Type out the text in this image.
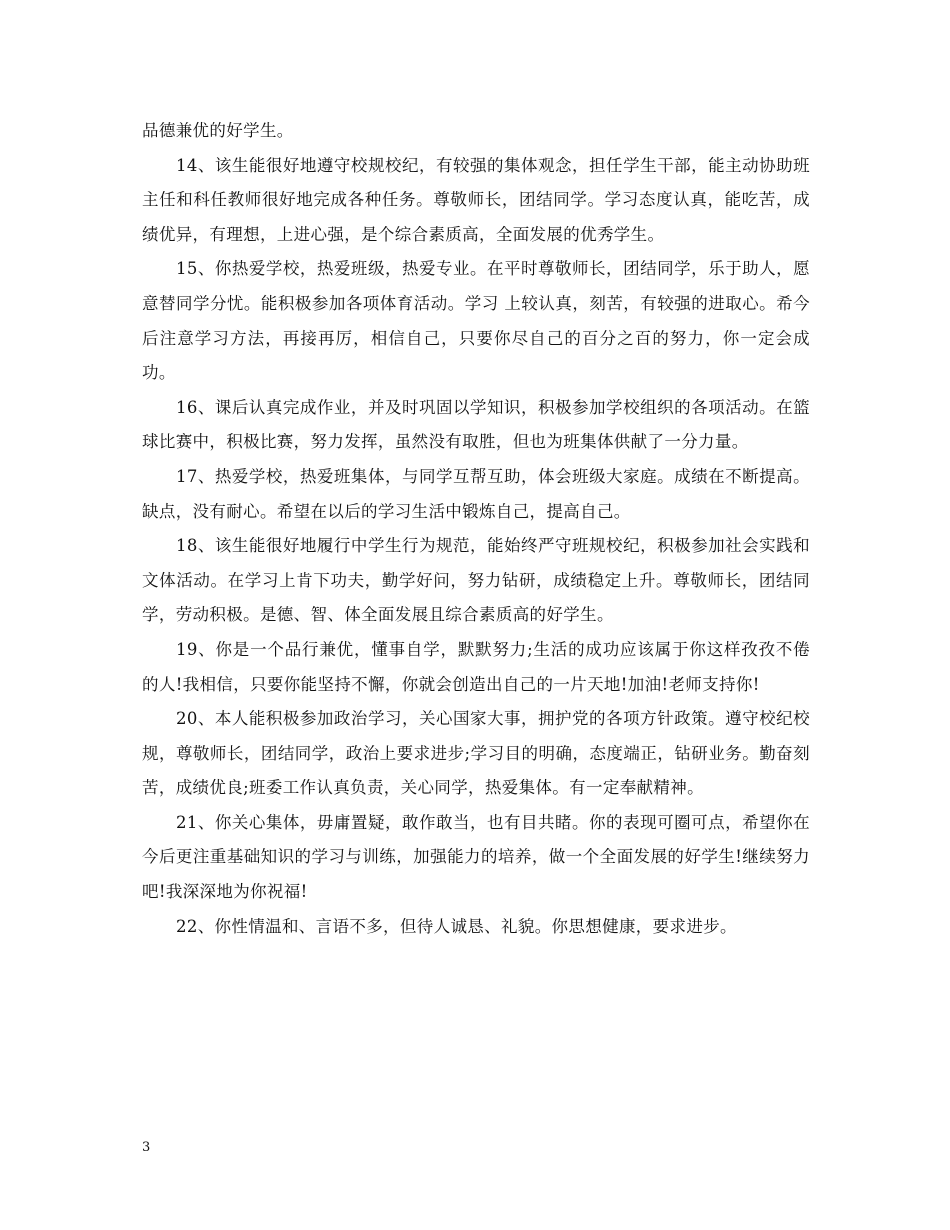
品德兼优的好学生。

14、该生能很好地遵守校规校纪，有较强的集体观念，担任学生干部，能主动协助班主任和科任教师很好地完成各种任务。尊敬师长，团结同学。学习态度认真，能吃苦，成绩优异，有理想，上进心强，是个综合素质高，全面发展的优秀学生。

15、你热爱学校，热爱班级，热爱专业。在平时尊敬师长，团结同学，乐于助人，愿意替同学分忧。能积极参加各项体育活动。学习 上较认真，刻苦，有较强的进取心。希今后注意学习方法，再接再厉，相信自己，只要你尽自己的百分之百的努力，你一定会成功。

16、课后认真完成作业，并及时巩固以学知识，积极参加学校组织的各项活动。在篮球比赛中，积极比赛，努力发挥，虽然没有取胜，但也为班集体供献了一分力量。

17、热爱学校，热爱班集体，与同学互帮互助，体会班级大家庭。成绩在不断提高。缺点，没有耐心。希望在以后的学习生活中锻炼自己，提高自己。

18、该生能很好地履行中学生行为规范，能始终严守班规校纪，积极参加社会实践和文体活动。在学习上肯下功夫，勤学好问，努力钻研，成绩稳定上升。尊敬师长，团结同学，劳动积极。是德、智、体全面发展且综合素质高的好学生。

19、你是一个品行兼优，懂事自学，默默努力;生活的成功应该属于你这样孜孜不倦的人!我相信，只要你能坚持不懈，你就会创造出自己的一片天地!加油!老师支持你!

20、本人能积极参加政治学习，关心国家大事，拥护党的各项方针政策。遵守校纪校规，尊敬师长，团结同学，政治上要求进步;学习目的明确，态度端正，钻研业务。勤奋刻苦，成绩优良;班委工作认真负责，关心同学，热爱集体。有一定奉献精神。

21、你关心集体，毋庸置疑，敢作敢当，也有目共睹。你的表现可圈可点，希望你在今后更注重基础知识的学习与训练，加强能力的培养，做一个全面发展的好学生!继续努力吧!我深深地为你祝福!

22、你性情温和、言语不多，但待人诚恳、礼貌。你思想健康，要求进步。

3
